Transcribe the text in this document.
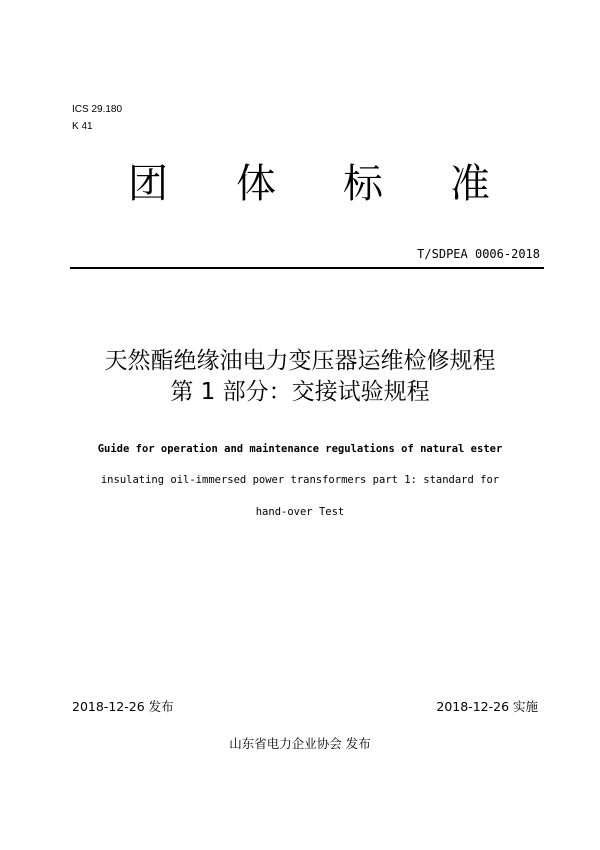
ICS 29.180
K 41
团 体 标 准
T/SDPEA 0006-2018
天然酯绝缘油电力变压器运维检修规程
第 1 部分：交接试验规程
Guide for operation and maintenance regulations of natural ester
insulating oil-immersed power transformers part 1: standard for
hand-over Test
2018-12-26 发布	2018-12-26 实施
山东省电力企业协会 发布
